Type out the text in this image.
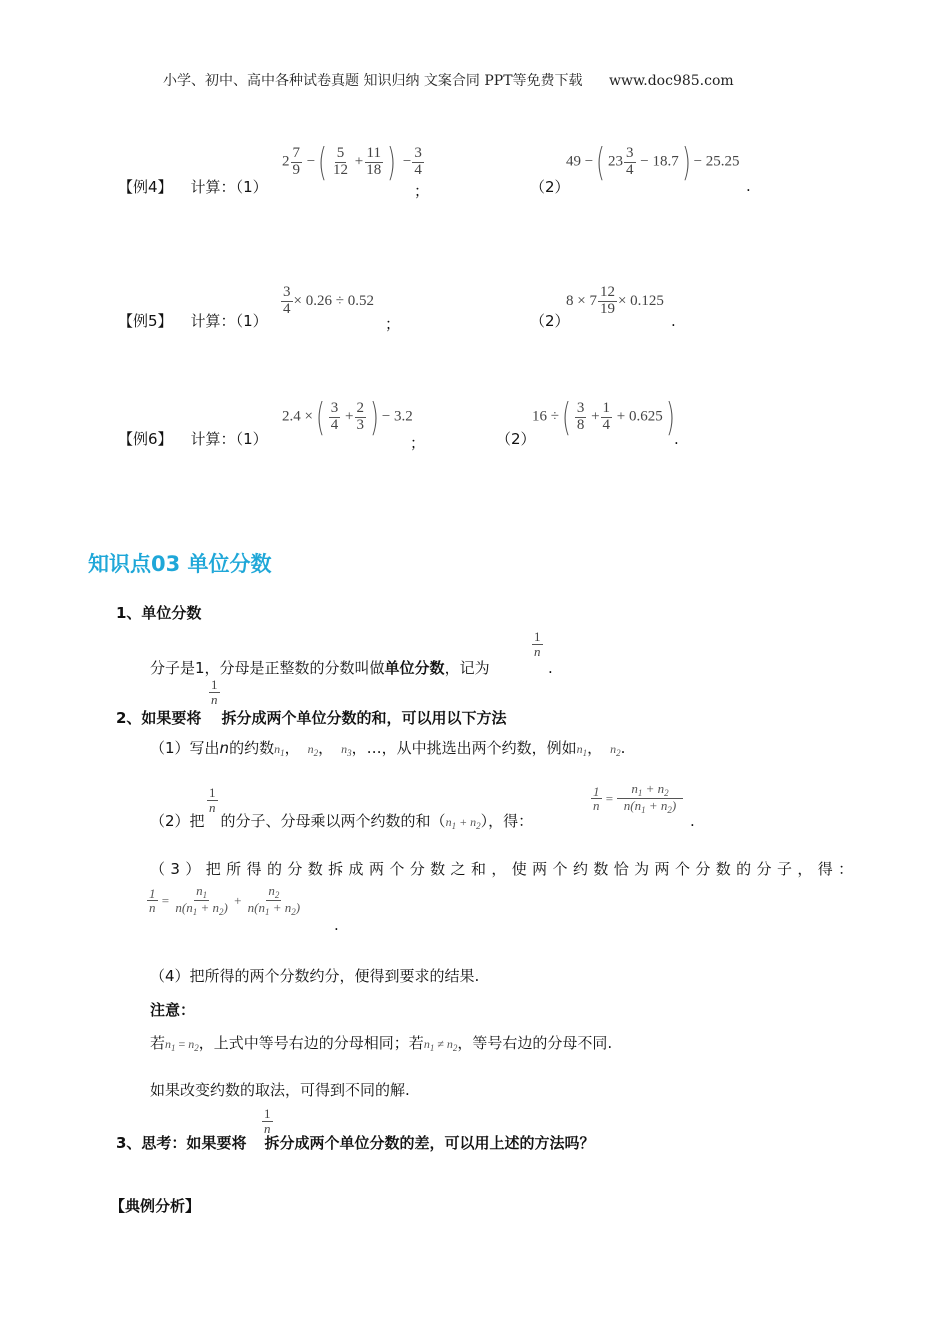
小学、初中、高中各种试卷真题 知识归纳 文案合同 PPT等免费下载 www.doc985.com
【例4】 计算：（1）
$2 \frac{7}{9}$ −( $\frac{5}{12} + \frac{11}{18}$ ) − $\frac{3}{4}$
；	（2）
49 −( $23 \frac{3}{4} - 18.7) - 25.25$
.
【例5】 计算：（1）
$\frac{3}{4} \times 0.26 \div 0.52$
；	（2）
$8 \times 7 \frac{12}{19} \times 0.125$
.
【例6】 计算：（1）
2.4 ×( $\frac{3}{4} + \frac{2}{3}$ ) − 3.2
；	（2）
16 ÷( $\frac{3}{8} + \frac{1}{4} + 0.625$) .
知识点03 单位分数
1、单位分数
分子是1，分母是正整数的分数叫做单位分数，记为
$\frac{1}{n}$
.
$\frac{1}{n}$
2、如果要将 拆分成两个单位分数的和，可以用以下方法
（1）写出n的约数$n_1$， $n_2$， $n_3$，…，从中挑选出两个约数，例如$n_1$， $n_2$.
$\frac{1}{n}$
（2）把 的分子、分母乘以两个约数的和$(n_1 + n_2)$，得：
$\frac{1}{n} = \frac{n_1 + n_2}{n(n_1 + n_2)}$
.
（3）把所得的分数拆成两个分数之和，使两个约数恰为两个分数的分子，得：
$\frac{1}{n} = \frac{n_1}{n(n_1 + n_2)} + \frac{n_2}{n(n_1 + n_2)}$
.
（4）把所得的两个分数约分，便得到要求的结果.
注意：
若$n_1 = n_2$，上式中等号右边的分母相同；若$n_1 \ne n_2$，等号右边的分母不同.
如果改变约数的取法，可得到不同的解.
$\frac{1}{n}$
3、思考：如果要将 拆分成两个单位分数的差，可以用上述的方法吗？
【典例分析】
